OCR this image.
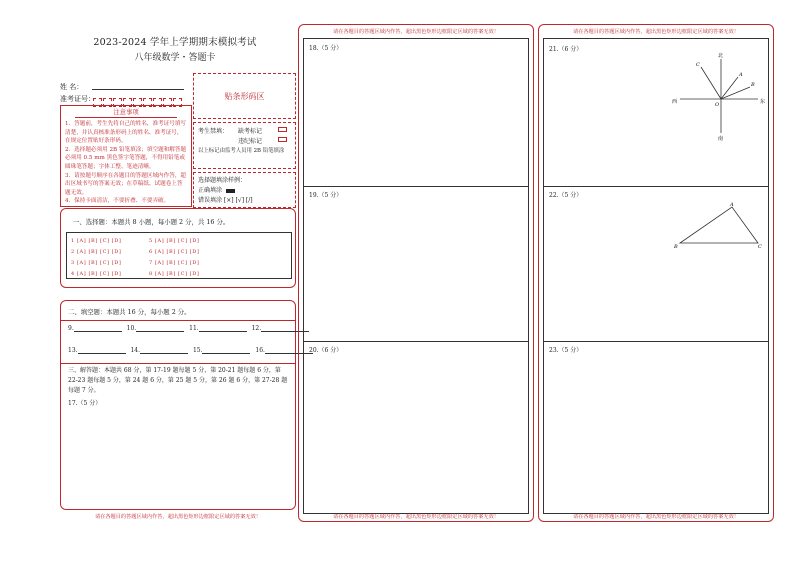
2023-2024 学年上学期期末模拟考试
八年级数学・答题卡
姓 名：
准考证号：	贴条形码区
注意事项
1．答题前，考生先将自己的姓名，准考证号填写清楚，并认真核准条形码上的姓名、准考证号，在规定位置贴好条形码。
2．选择题必须用 2B 铅笔填涂；填空题和解答题必须用 0.5 mm 黑色签字笔答题，不得用铅笔或圆珠笔答题；字体工整、笔迹清晰。
3．请按题号顺序在各题目的答题区域内作答，超出区域书写的答案无效；在草稿纸、试题卷上答题无效。
4．保持卡面清洁，不要折叠、不要弄破。
考生禁填： 缺考标记
违纪标记
以上标记由监考人员用 2B 铅笔填涂
选择题填涂样例：
正确填涂
错误填涂 [×] [√] [/]
一、选择题：本题共 8 小题，每小题 2 分，共 16 分。
1 [A] [B] [C] [D]
2 [A] [B] [C] [D]
3 [A] [B] [C] [D]
4 [A] [B] [C] [D]
5 [A] [B] [C] [D]
6 [A] [B] [C] [D]
7 [A] [B] [C] [D]
8 [A] [B] [C] [D]
二、填空题：本题共 16 分，每小题 2 分。
9.	10.	11.	12.
13.	14.	15.	16.
三、解答题：本题共 68 分，第 17-19 题每题 5 分，第 20-21 题每题 6 分，第 22-23 题每题 5 分，第 24 题 6 分，第 25 题 5 分，第 26 题 6 分，第 27-28 题每题 7 分。
17.（5 分）
请在各题目的答题区域内作答，超出黑色矩形边框限定区域的答案无效！
请在各题目的答题区域内作答，超出黑色矩形边框限定区域的答案无效！
18.（5 分）
19.（5 分）
20.（6 分）
请在各题目的答题区域内作答，超出黑色矩形边框限定区域的答案无效！
请在各题目的答题区域内作答，超出黑色矩形边框限定区域的答案无效！
21.（6 分）
北
南
西	东
C
A
B
O
22.（5 分）
A
B	C
23.（5 分）
请在各题目的答题区域内作答，超出黑色矩形边框限定区域的答案无效！
